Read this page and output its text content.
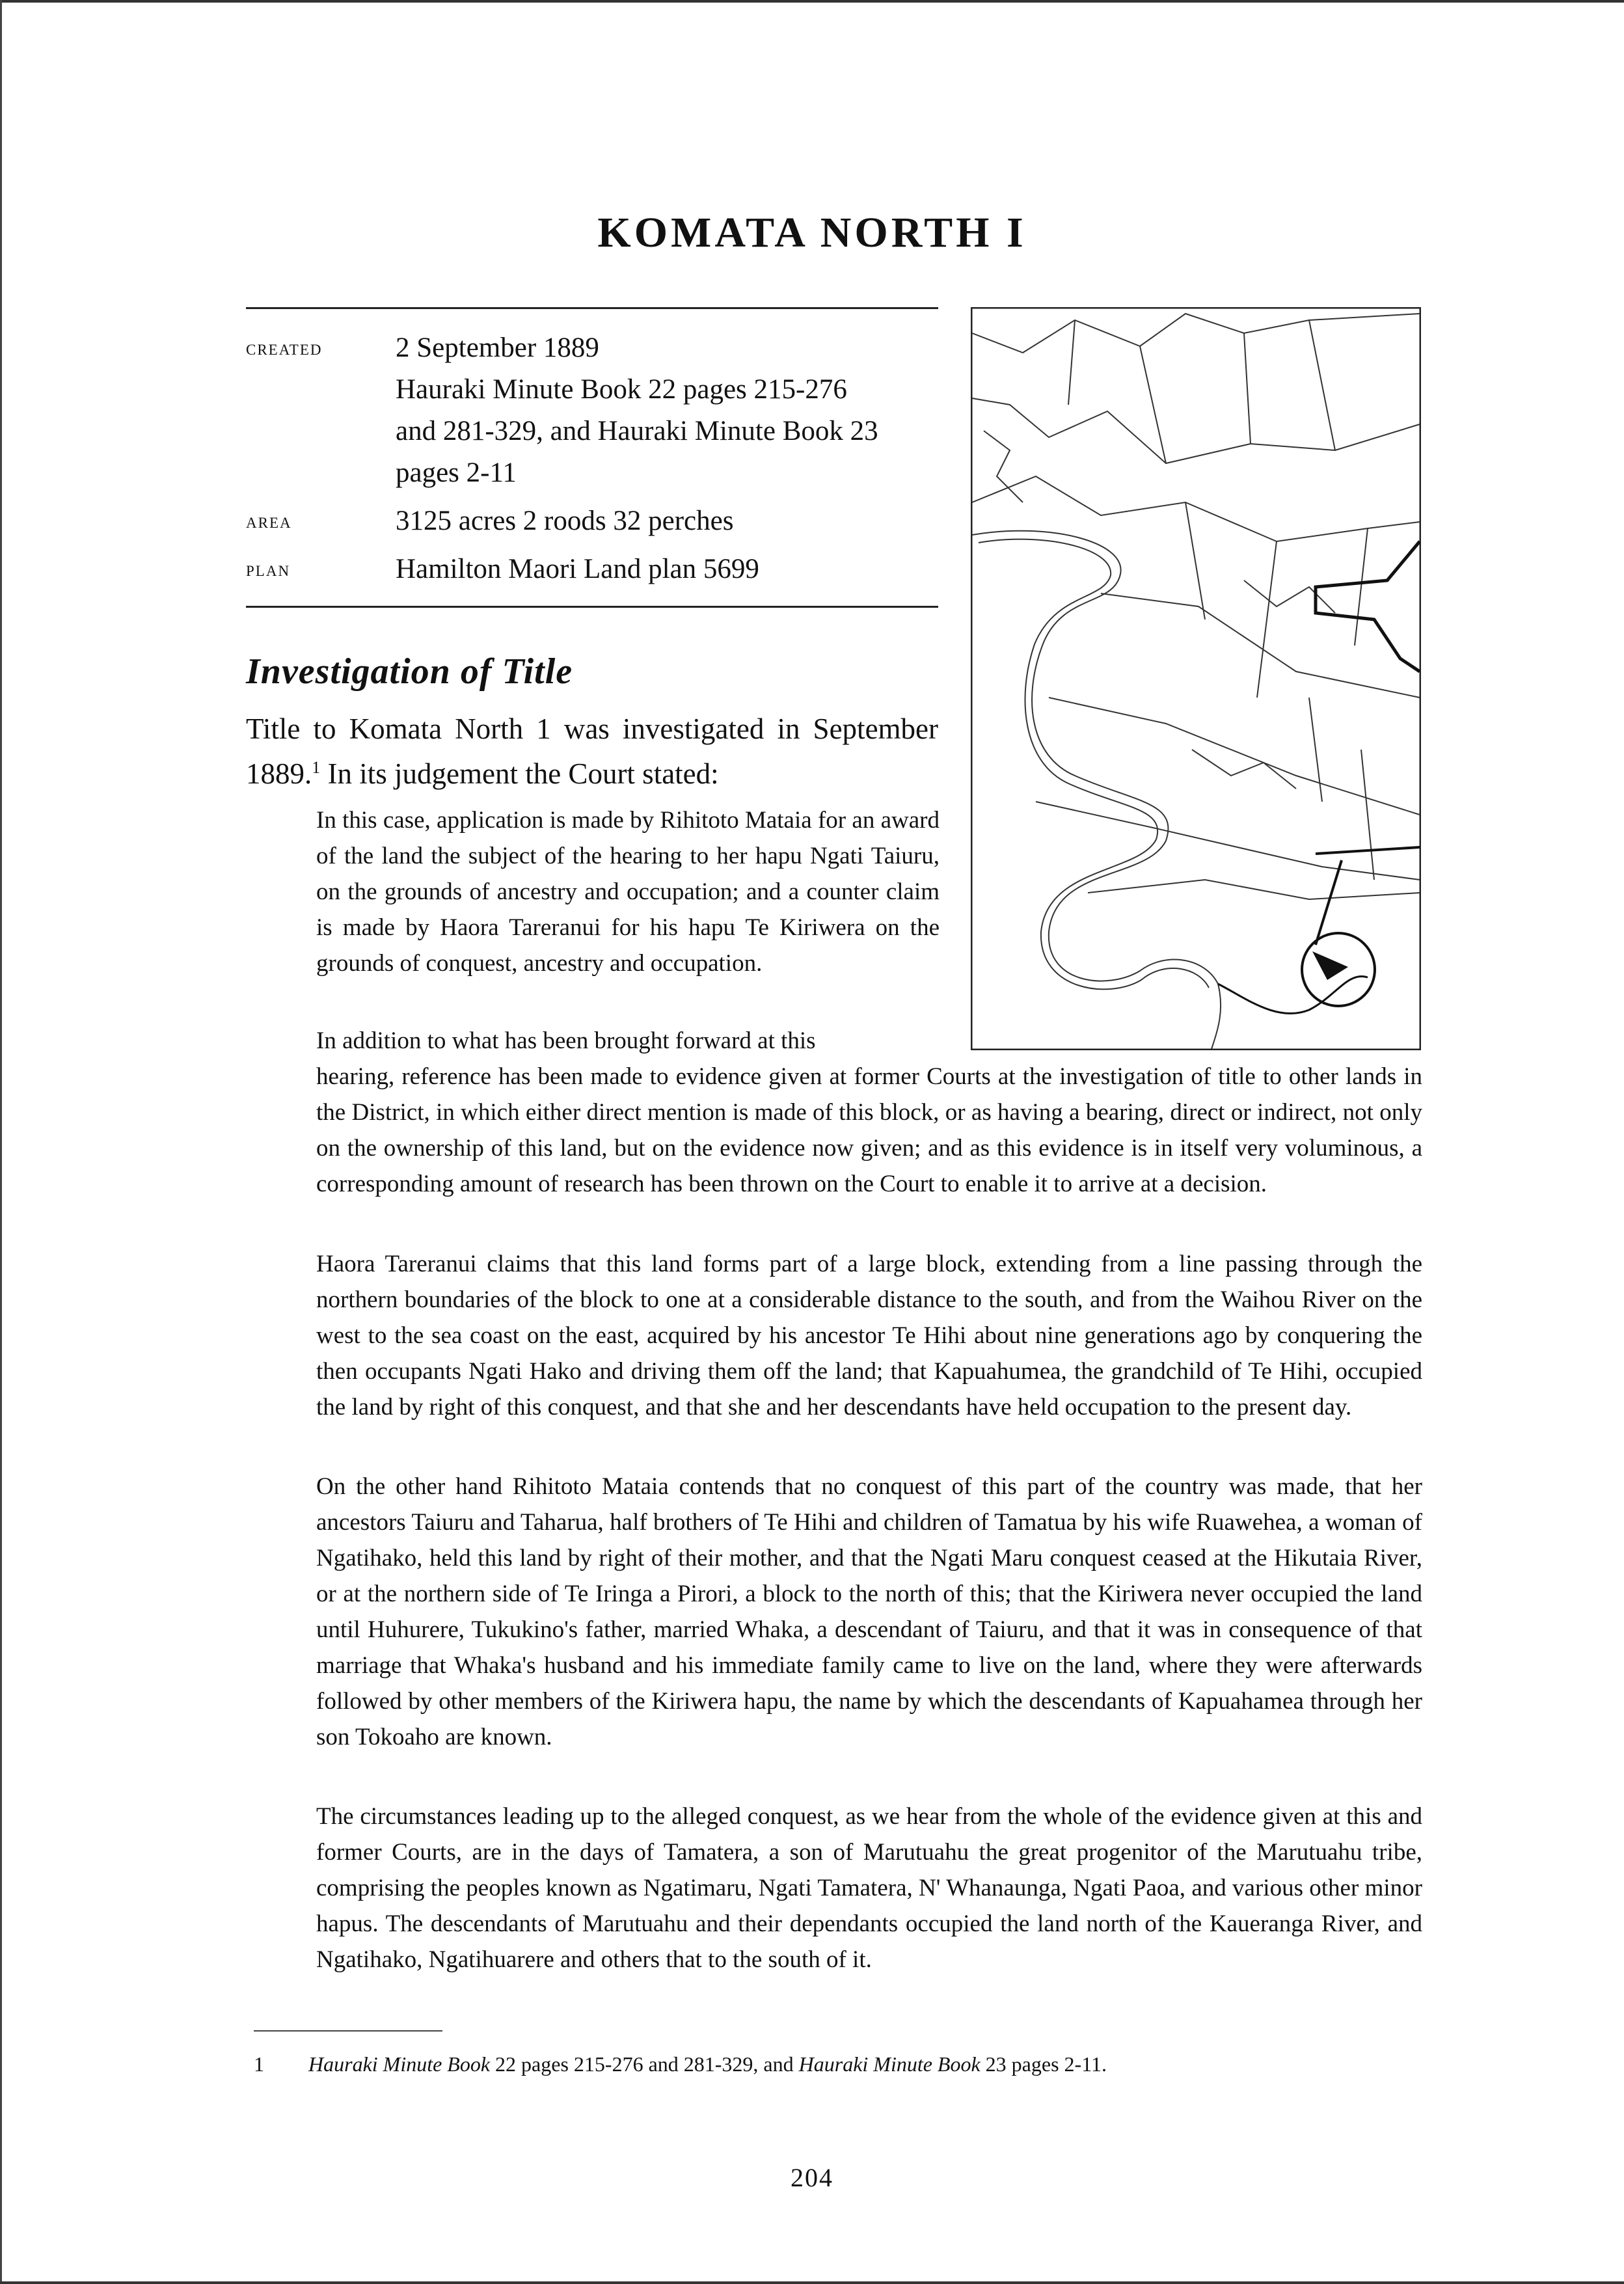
KOMATA NORTH I
created	2 September 1889
Hauraki Minute Book 22 pages 215-276
and 281-329, and Hauraki Minute Book 23
pages 2-11
area	3125 acres 2 roods 32 perches
plan	Hamilton Maori Land plan 5699
Investigation of Title
Title to Komata North 1 was investigated in September 1889.$^1$ In its judgement the Court stated:
In this case, application is made by Rihitoto Mataia for an award of the land the subject of the hearing to her hapu Ngati Taiuru, on the grounds of ancestry and occupation; and a counter claim is made by Haora Tareranui for his hapu Te Kiriwera on the grounds of conquest, ancestry and occupation.
In addition to what has been brought forward at this
hearing, reference has been made to evidence given at former Courts at the investigation of title to other lands in the District, in which either direct mention is made of this block, or as having a bearing, direct or indirect, not only on the ownership of this land, but on the evidence now given; and as this evidence is in itself very voluminous, a corresponding amount of research has been thrown on the Court to enable it to arrive at a decision.
Haora Tareranui claims that this land forms part of a large block, extending from a line passing through the northern boundaries of the block to one at a considerable distance to the south, and from the Waihou River on the west to the sea coast on the east, acquired by his ancestor Te Hihi about nine generations ago by conquering the then occupants Ngati Hako and driving them off the land; that Kapuahumea, the grandchild of Te Hihi, occupied the land by right of this conquest, and that she and her descendants have held occupation to the present day.
On the other hand Rihitoto Mataia contends that no conquest of this part of the country was made, that her ancestors Taiuru and Taharua, half brothers of Te Hihi and children of Tamatua by his wife Ruawehea, a woman of Ngatihako, held this land by right of their mother, and that the Ngati Maru conquest ceased at the Hikutaia River, or at the northern side of Te Iringa a Pirori, a block to the north of this; that the Kiriwera never occupied the land until Huhurere, Tukukino's father, married Whaka, a descendant of Taiuru, and that it was in consequence of that marriage that Whaka's husband and his immediate family came to live on the land, where they were afterwards followed by other members of the Kiriwera hapu, the name by which the descendants of Kapuahamea through her son Tokoaho are known.
The circumstances leading up to the alleged conquest, as we hear from the whole of the evidence given at this and former Courts, are in the days of Tamatera, a son of Marutuahu the great progenitor of the Marutuahu tribe, comprising the peoples known as Ngatimaru, Ngati Tamatera, N' Whanaunga, Ngati Paoa, and various other minor hapus. The descendants of Marutuahu and their dependants occupied the land north of the Kaueranga River, and Ngatihako, Ngatihuarere and others that to the south of it.
1 Hauraki Minute Book 22 pages 215-276 and 281-329, and Hauraki Minute Book 23 pages 2-11.
204
